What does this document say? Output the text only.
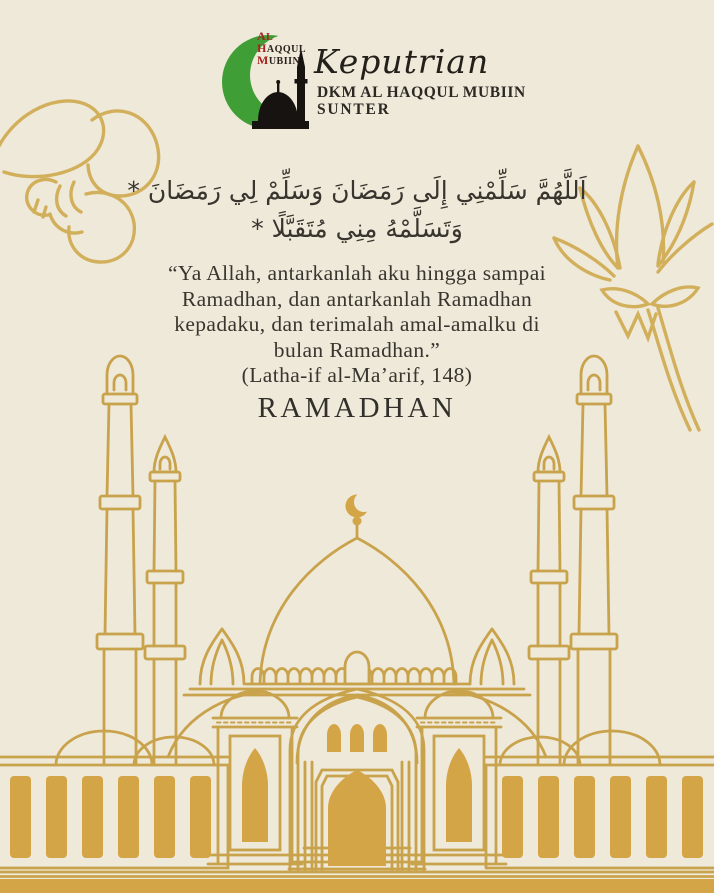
AL
HAQQUL
MUBIIN Keputrian
DKM AL HAQQUL MUBIIN
SUNTER
اَللَّهُمَّ سَلِّمْنِي إِلَى رَمَضَانَ وَسَلِّمْ لِي رَمَضَانَ *
وَتَسَلَّمْهُ مِنِي مُتَقَبَّلًا *
“Ya Allah, antarkanlah aku hingga sampai
Ramadhan, dan antarkanlah Ramadhan
kepadaku, dan terimalah amal-amalku di
bulan Ramadhan.”
(Latha-if al-Ma’arif, 148)
RAMADHAN
